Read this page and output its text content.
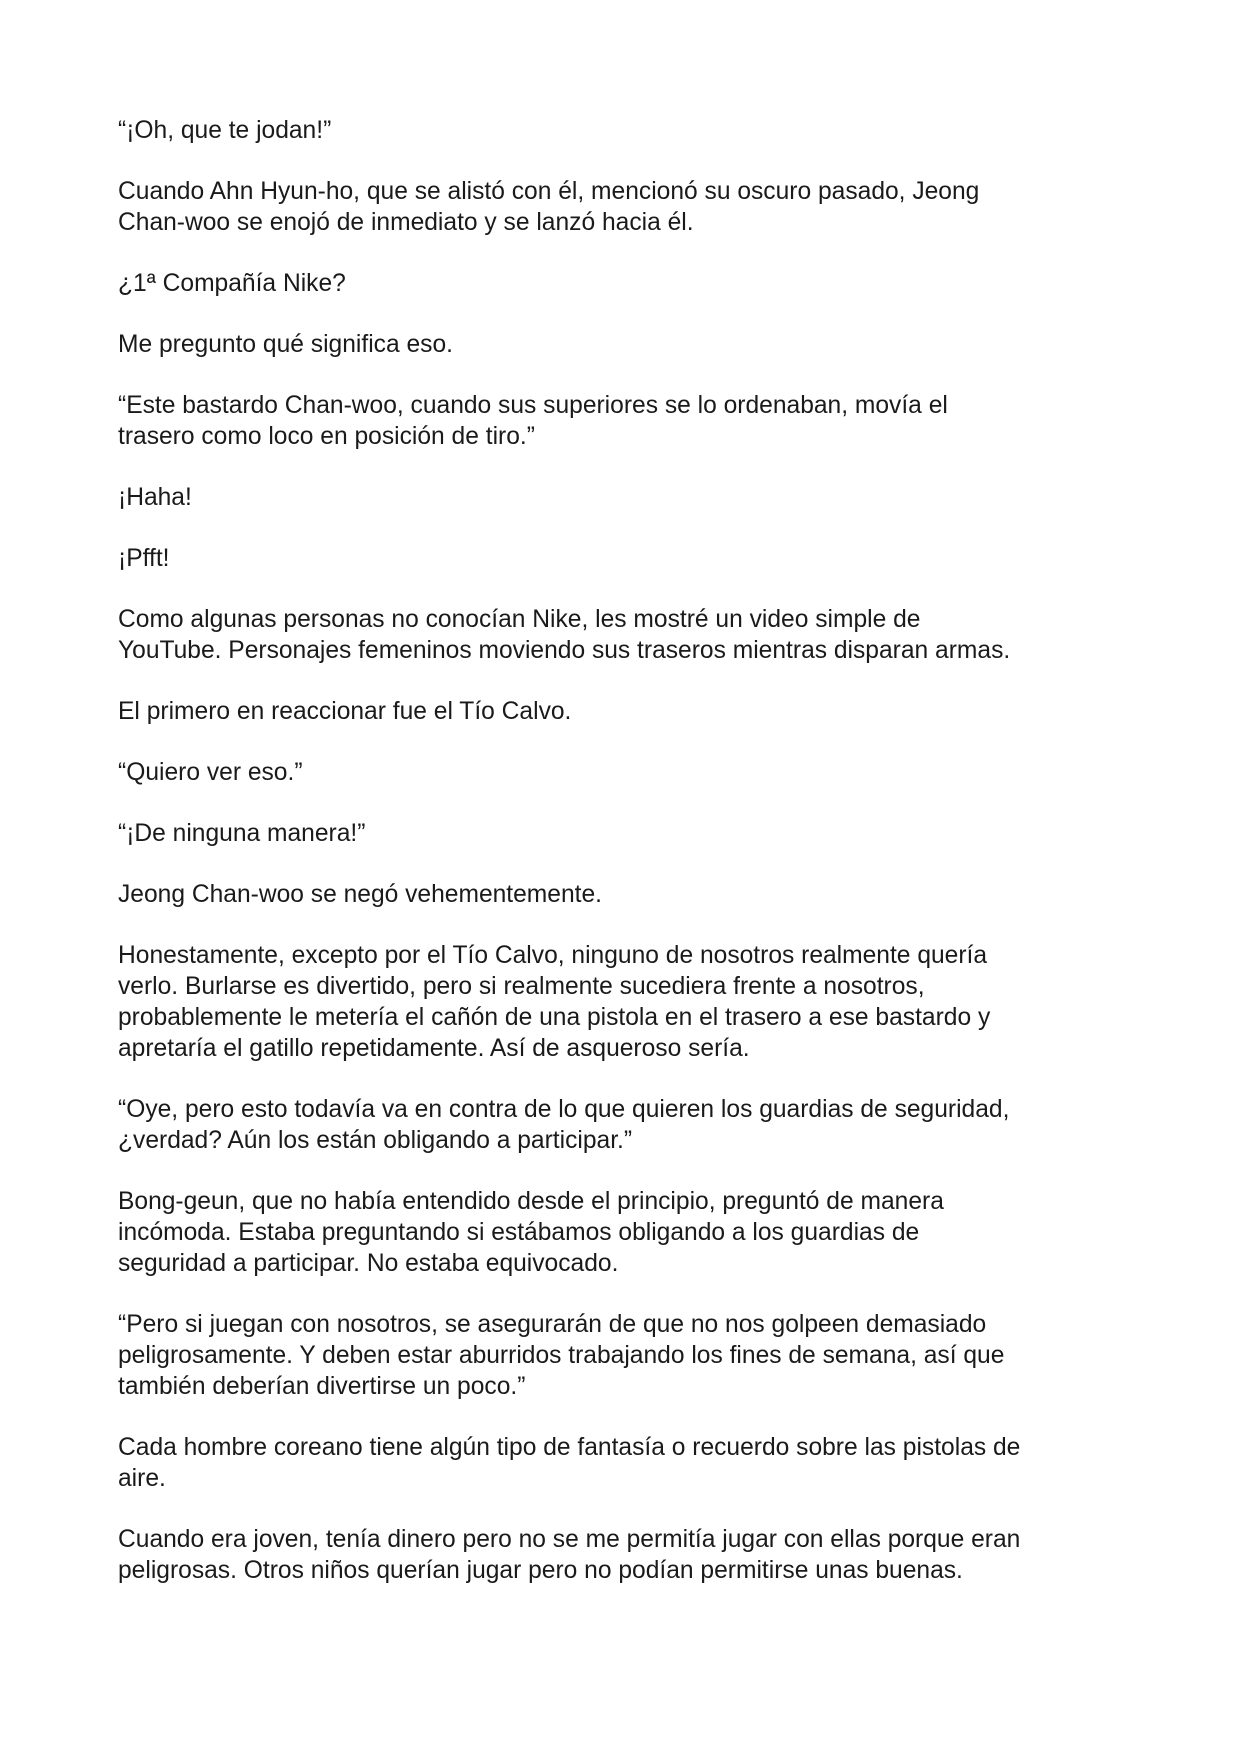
“¡Oh, que te jodan!”

Cuando Ahn Hyun-ho, que se alistó con él, mencionó su oscuro pasado, Jeong
Chan-woo se enojó de inmediato y se lanzó hacia él.

¿1ª Compañía Nike?

Me pregunto qué significa eso.

“Este bastardo Chan-woo, cuando sus superiores se lo ordenaban, movía el
trasero como loco en posición de tiro.”

¡Haha!

¡Pfft!

Como algunas personas no conocían Nike, les mostré un video simple de
YouTube. Personajes femeninos moviendo sus traseros mientras disparan armas.

El primero en reaccionar fue el Tío Calvo.

“Quiero ver eso.”

“¡De ninguna manera!”

Jeong Chan-woo se negó vehementemente.

Honestamente, excepto por el Tío Calvo, ninguno de nosotros realmente quería
verlo. Burlarse es divertido, pero si realmente sucediera frente a nosotros,
probablemente le metería el cañón de una pistola en el trasero a ese bastardo y
apretaría el gatillo repetidamente. Así de asqueroso sería.

“Oye, pero esto todavía va en contra de lo que quieren los guardias de seguridad,
¿verdad? Aún los están obligando a participar.”

Bong-geun, que no había entendido desde el principio, preguntó de manera
incómoda. Estaba preguntando si estábamos obligando a los guardias de
seguridad a participar. No estaba equivocado.

“Pero si juegan con nosotros, se asegurarán de que no nos golpeen demasiado
peligrosamente. Y deben estar aburridos trabajando los fines de semana, así que
también deberían divertirse un poco.”

Cada hombre coreano tiene algún tipo de fantasía o recuerdo sobre las pistolas de
aire.

Cuando era joven, tenía dinero pero no se me permitía jugar con ellas porque eran
peligrosas. Otros niños querían jugar pero no podían permitirse unas buenas.
